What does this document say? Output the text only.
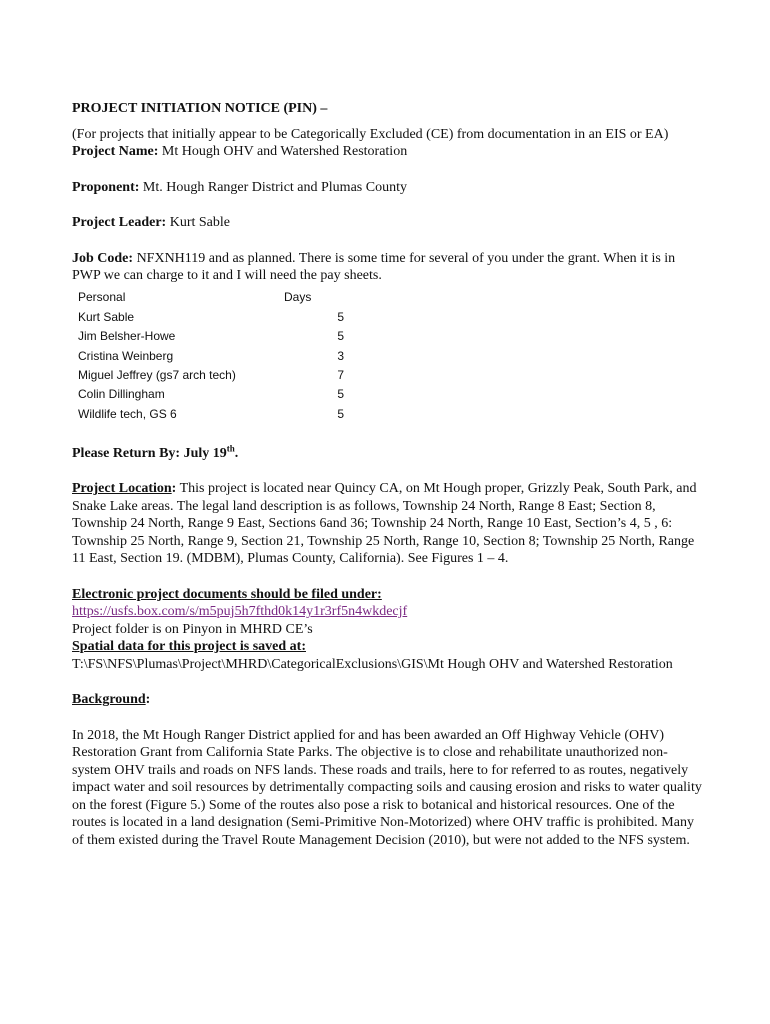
PROJECT INITIATION NOTICE (PIN) –

(For projects that initially appear to be Categorically Excluded (CE) from documentation in an EIS or EA)

Project Name: Mt Hough OHV and Watershed Restoration

Proponent: Mt. Hough Ranger District and Plumas County

Project Leader: Kurt Sable

Job Code: NFXNH119 and as planned. There is some time for several of you under the grant. When it is in PWP we can charge to it and I will need the pay sheets.

Personal	Days
Kurt Sable	5
Jim Belsher-Howe	5
Cristina Weinberg	3
Miguel Jeffrey (gs7 arch tech)	7
Colin Dillingham	5
Wildlife tech, GS 6	5

Please Return By: July 19th.

Project Location: This project is located near Quincy CA, on Mt Hough proper, Grizzly Peak, South Park, and Snake Lake areas. The legal land description is as follows, Township 24 North, Range 8 East; Section 8, Township 24 North, Range 9 East, Sections 6and 36; Township 24 North, Range 10 East, Section’s 4, 5 , 6: Township 25 North, Range 9, Section 21, Township 25 North, Range 10, Section 8; Township 25 North, Range 11 East, Section 19. (MDBM), Plumas County, California). See Figures 1 – 4.

Electronic project documents should be filed under:

https://usfs.box.com/s/m5puj5h7fthd0k14y1r3rf5n4wkdecjf

Project folder is on Pinyon in MHRD CE’s

Spatial data for this project is saved at:

T:\FS\NFS\Plumas\Project\MHRD\CategoricalExclusions\GIS\Mt Hough OHV and Watershed Restoration

Background:

In 2018, the Mt Hough Ranger District applied for and has been awarded an Off Highway Vehicle (OHV) Restoration Grant from California State Parks. The objective is to close and rehabilitate unauthorized non-system OHV trails and roads on NFS lands. These roads and trails, here to for referred to as routes, negatively impact water and soil resources by detrimentally compacting soils and causing erosion and risks to water quality on the forest (Figure 5.) Some of the routes also pose a risk to botanical and historical resources. One of the routes is located in a land designation (Semi-Primitive Non-Motorized) where OHV traffic is prohibited. Many of them existed during the Travel Route Management Decision (2010), but were not added to the NFS system.
